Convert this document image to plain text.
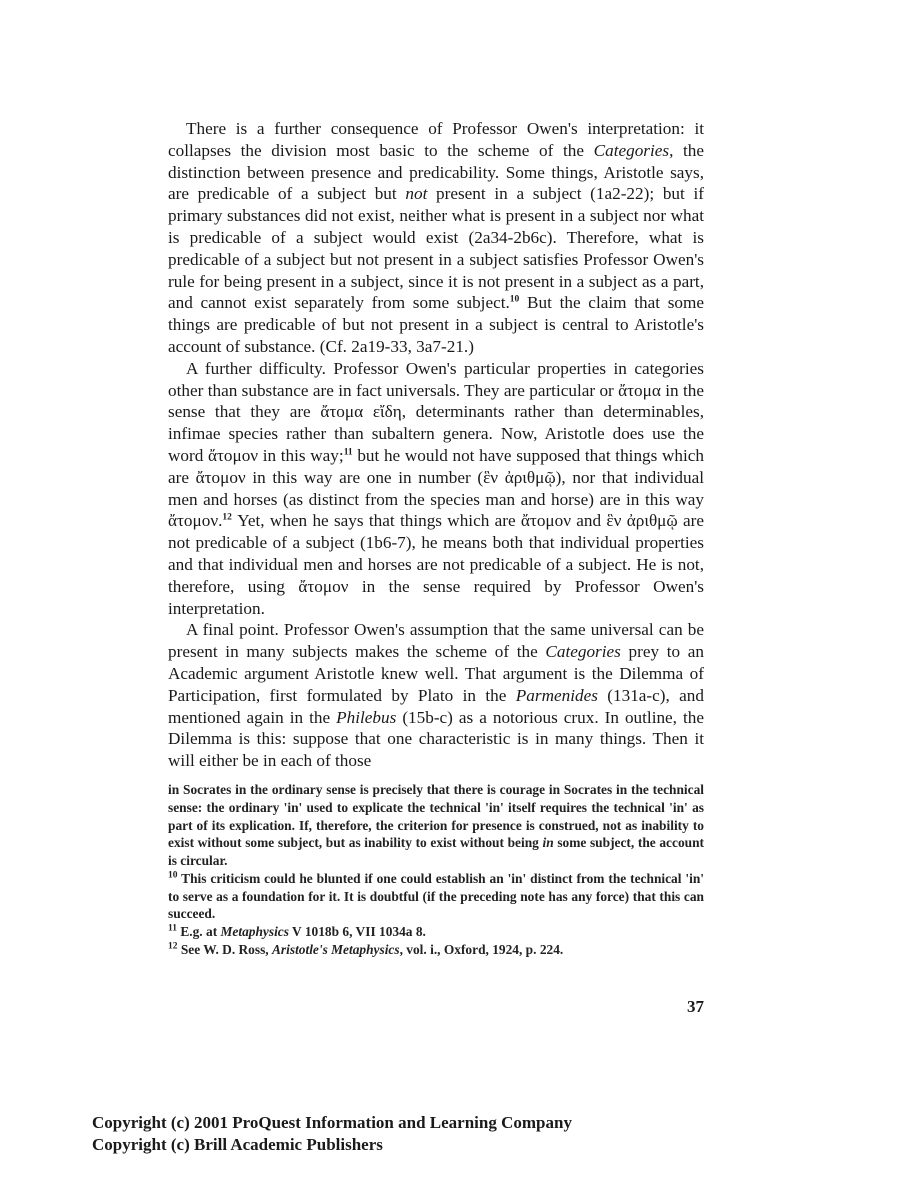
There is a further consequence of Professor Owen's interpretation: it collapses the division most basic to the scheme of the Categories, the distinction between presence and predicability. Some things, Aristotle says, are predicable of a subject but not present in a subject (1a2-22); but if primary substances did not exist, neither what is present in a subject nor what is predicable of a subject would exist (2a34-2b6c). Therefore, what is predicable of a subject but not present in a subject satisfies Professor Owen's rule for being present in a subject, since it is not present in a subject as a part, and cannot exist separately from some subject.$^{10}$ But the claim that some things are predicable of but not present in a subject is central to Aristotle's account of substance. (Cf. 2a19-33, 3a7-21.)

A further difficulty. Professor Owen's particular properties in categories other than substance are in fact universals. They are particular or ἄτομα in the sense that they are ἄτομα εἴδη, determinants rather than determinables, infimae species rather than subaltern genera. Now, Aristotle does use the word ἄτομον in this way;$^{11}$ but he would not have supposed that things which are ἄτομον in this way are one in number (ἓν ἀριθμῷ), nor that individual men and horses (as distinct from the species man and horse) are in this way ἄτομον.$^{12}$ Yet, when he says that things which are ἄτομον and ἓν ἀριθμῷ are not predicable of a subject (1b6-7), he means both that individual properties and that individual men and horses are not predicable of a subject. He is not, therefore, using ἄτομον in the sense required by Professor Owen's interpretation.

A final point. Professor Owen's assumption that the same universal can be present in many subjects makes the scheme of the Categories prey to an Academic argument Aristotle knew well. That argument is the Dilemma of Participation, first formulated by Plato in the Parmenides (131a-c), and mentioned again in the Philebus (15b-c) as a notorious crux. In outline, the Dilemma is this: suppose that one characteristic is in many things. Then it will either be in each of those

in Socrates in the ordinary sense is precisely that there is courage in Socrates in the technical sense: the ordinary 'in' used to explicate the technical 'in' itself requires the technical 'in' as part of its explication. If, therefore, the criterion for presence is construed, not as inability to exist without some subject, but as inability to exist without being in some subject, the account is circular.

$^{10}$ This criticism could he blunted if one could establish an 'in' distinct from the technical 'in' to serve as a foundation for it. It is doubtful (if the preceding note has any force) that this can succeed.

$^{11}$ E.g. at Metaphysics V 1018b 6, VII 1034a 8.

$^{12}$ See W. D. Ross, Aristotle's Metaphysics, vol. i., Oxford, 1924, p. 224.

37
Copyright (c) 2001 ProQuest Information and Learning Company
Copyright (c) Brill Academic Publishers
